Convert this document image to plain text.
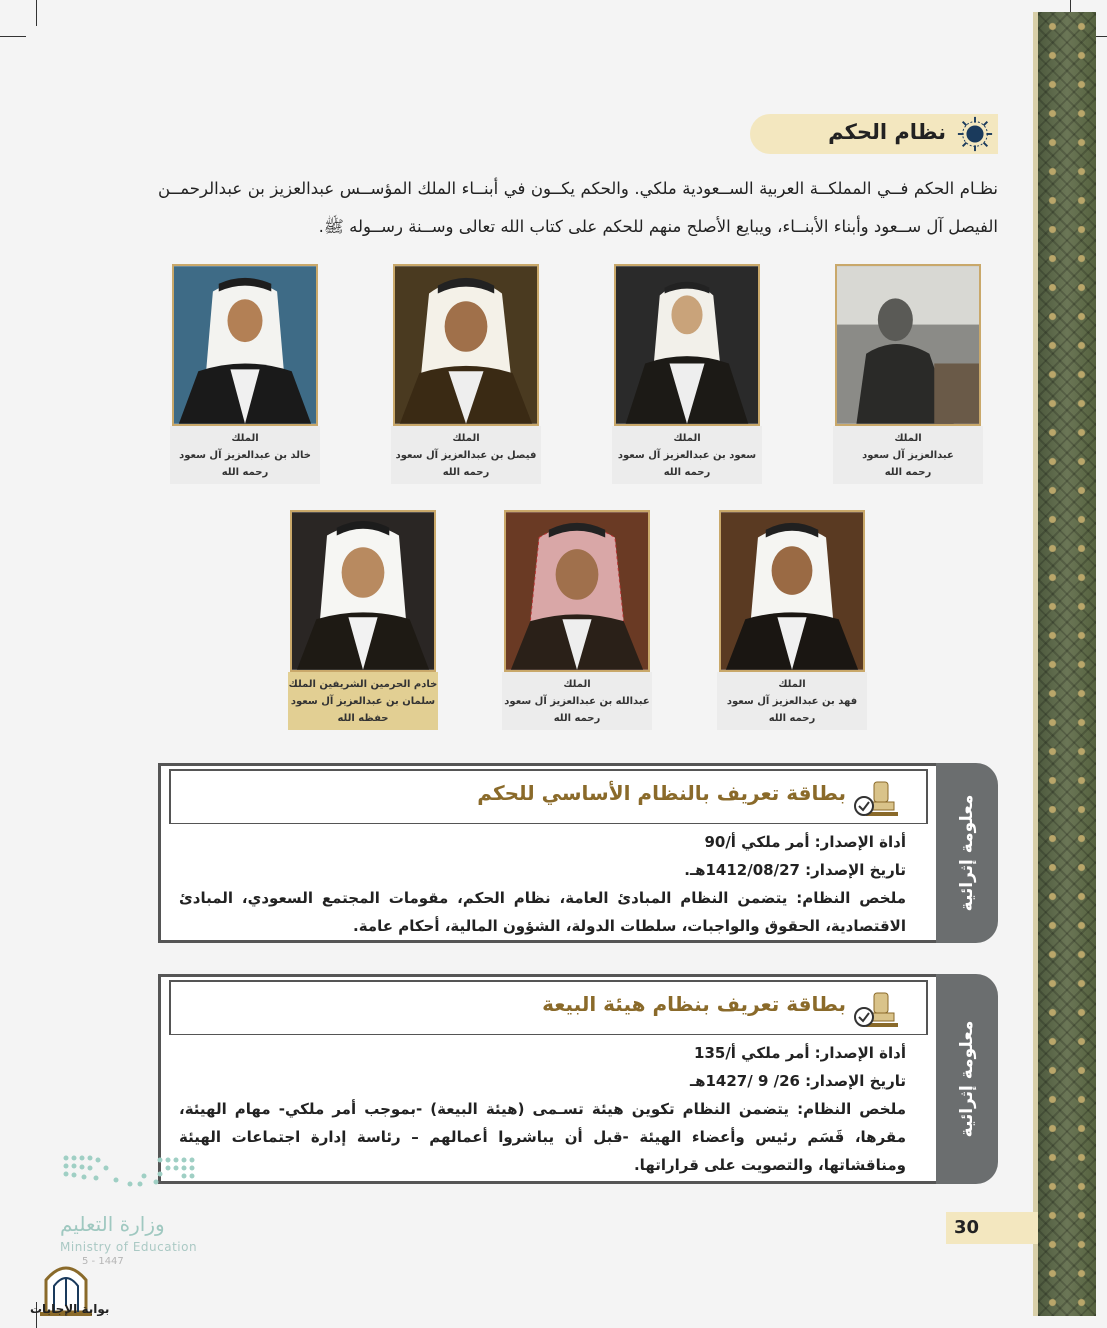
نظام الحكم
نظـام الحكم فــي المملكــة العربية الســعودية ملكي. والحكم يكــون في أبنــاء الملك المؤســس عبدالعزيز بن عبدالرحمــن الفيصل آل ســعود وأبناء الأبنــاء، ويبايع الأصلح منهم للحكم على كتاب الله تعالى وســنة رســوله ﷺ.
الملك
عبدالعزيز آل سعود
رحمه الله
الملك
سعود بن عبدالعزيز آل سعود
رحمه الله
الملك
فيصل بن عبدالعزيز آل سعود
رحمه الله
الملك
خالد بن عبدالعزيز آل سعود
رحمه الله
الملك
فهد بن عبدالعزيز آل سعود
رحمه الله
الملك
عبدالله بن عبدالعزيز آل سعود
رحمه الله
خادم الحرمين الشريفين الملك
سلمان بن عبدالعزيز آل سعود
حفظه الله
معلومة إثرائية
بطاقة تعريف بالنظام الأساسي للحكم
أداة الإصدار: أمر ملكي أ/90
تاريخ الإصدار: 1412/08/27هـ.
ملخص النظام: يتضمن النظام المبادئ العامة، نظام الحكم، مقومات المجتمع السعودي، المبادئ الاقتصادية، الحقوق والواجبات، سلطات الدولة، الشؤون المالية، أحكام عامة.
معلومة إثرائية
بطاقة تعريف بنظام هيئة البيعة
أداة الإصدار: أمر ملكي أ/135
تاريخ الإصدار: 26/ 9 /1427هـ
ملخص النظام: يتضمن النظام تكوين هيئة تسـمى (هيئة البيعة) -بموجب أمر ملكي- مهام الهيئة، مقرها، قَسَم رئيس وأعضاء الهيئة -قبل أن يباشروا أعمالهم – رئاسة إدارة اجتماعات الهيئة ومناقشاتها، والتصويت على قراراتها.
30
وزارة التعليم
Ministry of Education
5 - 1447
بوابة الإجابات
